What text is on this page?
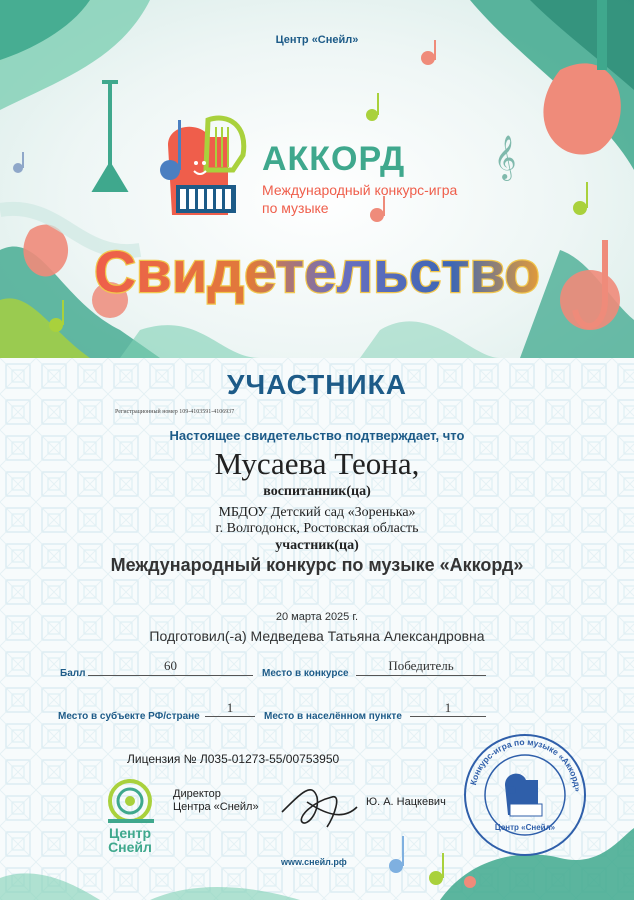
𝄞
Центр «Снейл»
АККОРД
Международный конкурс-игра
по музыке
Свидетельство
УЧАСТНИКА
Регистрационный номер 109-4103591-4106937
Настоящее свидетельство подтверждает, что
Мусаева Теона,
воспитанник(ца)
МБДОУ Детский сад «Зоренька»
г. Волгодонск, Ростовская область
участник(ца)
Международный конкурс по музыке «Аккорд»
20 марта 2025 г.
Подготовил(-а) Медведева Татьяна Александровна
Балл
60
Место в конкурсе
Победитель
Место в субъекте РФ/стране
1
Место в населённом пункте
1
Лицензия № Л035-01273-55/00753950
Центр
Снейл
Директор
Центра «Снейл»	Ю. А. Нацкевич
www.снейл.рф
Конкурс-игра по музыке «Аккорд»
Центр «Снейл»
